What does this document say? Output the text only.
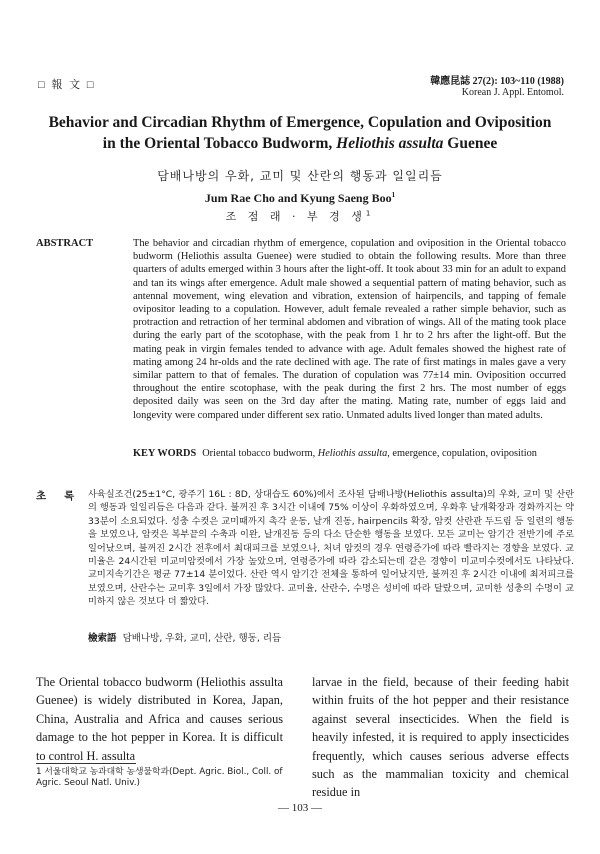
□ 報 文 □	韓應昆誌 27(2): 103~110 (1988)
Korean J. Appl. Entomol.
Behavior and Circadian Rhythm of Emergence, Copulation and Oviposition
in the Oriental Tobacco Budworm, Heliothis assulta Guenee
담배나방의 우화, 교미 및 산란의 행동과 일일리듬
Jum Rae Cho and Kyung Saeng Boo$^1$
조 점 래 · 부 경 생$^1$
ABSTRACT	The behavior and circadian rhythm of emergence, copulation and oviposition in the Oriental tobacco budworm (Heliothis assulta Guenee) were studied to obtain the following results. More than three quarters of adults emerged within 3 hours after the light-off. It took about 33 min for an adult to expand and tan its wings after emergence. Adult male showed a sequential pattern of mating behavior, such as antennal movement, wing elevation and vibration, extension of hairpencils, and tapping of female ovipositor leading to a copulation. However, adult female revealed a rather simple behavior, such as protraction and retraction of her terminal abdomen and vibration of wings. All of the mating took place during the early part of the scotophase, with the peak from 1 hr to 2 hrs after the light-off. But the mating peak in virgin females tended to advance with age. Adult females showed the highest rate of mating among 24 hr-olds and the rate declined with age. The rate of first matings in males gave a very similar pattern to that of females. The duration of copulation was 77±14 min. Oviposition occurred throughout the entire scotophase, with the peak during the first 2 hrs. The most number of eggs deposited daily was seen on the 3rd day after the mating. Mating rate, number of eggs laid and longevity were compared under different sex ratio. Unmated adults lived longer than mated adults.
KEY WORDS Oriental tobacco budworm, Heliothis assulta, emergence, copulation, oviposition
초록
사육실조건(25±1°C, 광주기 16L : 8D, 상대습도 60%)에서 조사된 담배나방(Heliothis assulta)의 우화, 교미 및 산란의 행동과 일일리듬은 다음과 같다. 불꺼진 후 3시간 이내에 75% 이상이 우화하였으며, 우화후 날개확장과 경화까지는 약 33분이 소요되었다. 성충 수컷은 교미때까지 촉각 운동, 날개 진동, hairpencils 확장, 암컷 산란관 두드림 등 일련의 행동을 보였으나, 암컷은 복부끝의 수축과 이완, 날개진동 등의 다소 단순한 행동을 보였다. 모든 교미는 암기간 전반기에 주로 일어났으며, 불꺼진 2시간 전후에서 최대피크를 보였으나, 처녀 암컷의 경우 연령증가에 따라 빨라지는 경향을 보였다. 교미율은 24시간된 미교미암컷에서 가장 높았으며, 연령증가에 따라 감소되는데 같은 경향이 미교미수컷에서도 나타났다. 교미지속기간은 평균 77±14 분이었다. 산란 역시 암기간 전체을 통하여 일어났지만, 불꺼진 후 2시간 이내에 최저피크를 보였으며, 산란수는 교미후 3일에서 가장 많았다. 교미율, 산란수, 수명은 성비에 따라 달랐으며, 교미한 성충의 수명이 교미하지 않은 것보다 더 짧았다.
檢索語 담배나방, 우화, 교미, 산란, 행동, 리듬
The Oriental tobacco budworm (Heliothis assulta Guenee) is widely distributed in Korea, Japan, China, Australia and Africa and causes serious damage to the hot pepper in Korea. It is difficult to control H. assulta
larvae in the field, because of their feeding habit within fruits of the hot pepper and their resistance against several insecticides. When the field is heavily infested, it is required to apply insecticides frequently, which causes serious adverse effects such as the mammalian toxicity and chemical residue in
1 서울대학교 농과대학 농생물학과(Dept. Agric. Biol., Coll. of Agric. Seoul Natl. Univ.)
— 103 —
